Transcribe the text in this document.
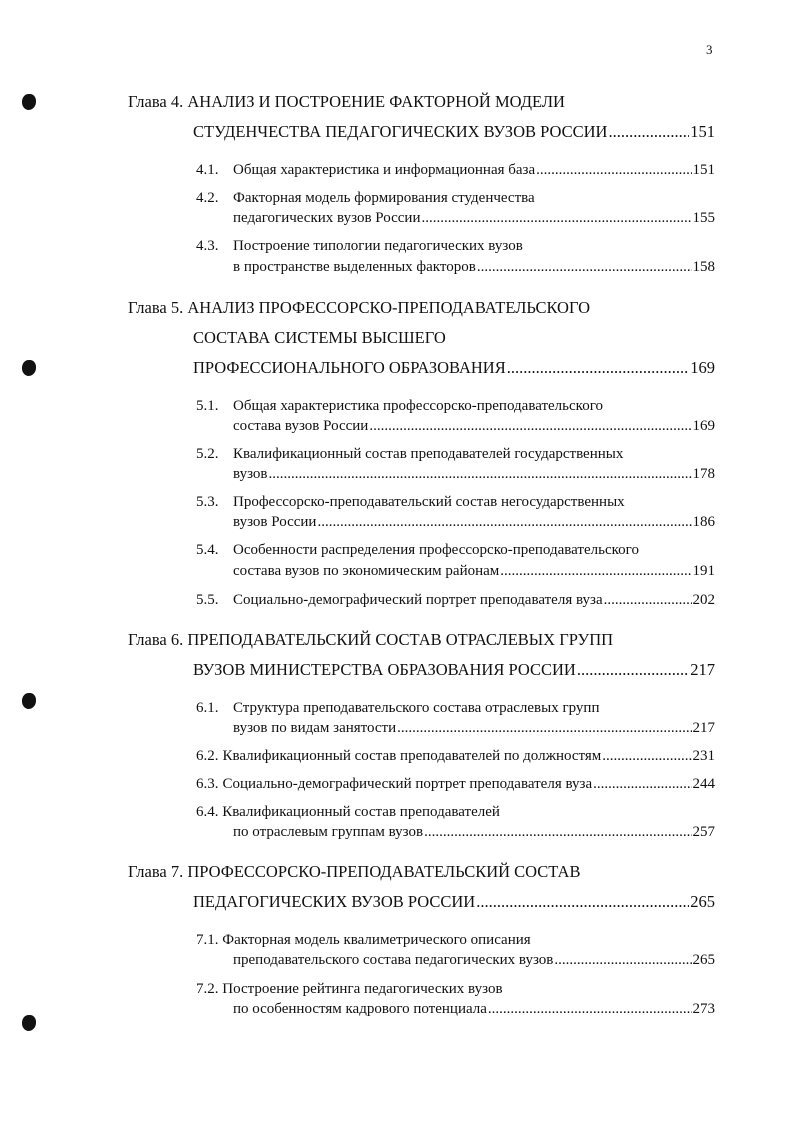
3
Глава 4. АНАЛИЗ И ПОСТРОЕНИЕ ФАКТОРНОЙ МОДЕЛИ
СТУДЕНЧЕСТВА ПЕДАГОГИЧЕСКИХ ВУЗОВ РОССИИ .....	151
4.1. Общая характеристика и информационная база .....	151
4.2. Факторная модель формирования студенчества
педагогических вузов России .....	155
4.3. Построение типологии педагогических вузов
в пространстве выделенных факторов .....	158
Глава 5. АНАЛИЗ ПРОФЕССОРСКО-ПРЕПОДАВАТЕЛЬСКОГО
СОСТАВА СИСТЕМЫ ВЫСШЕГО
ПРОФЕССИОНАЛЬНОГО ОБРАЗОВАНИЯ .....	169
5.1. Общая характеристика профессорско-преподавательского
состава вузов России .....	169
5.2. Квалификационный состав преподавателей государственных
вузов .....	178
5.3. Профессорско-преподавательский состав негосударственных
вузов России .....	186
5.4. Особенности распределения профессорско-преподавательского
состава вузов по экономическим районам .....	191
5.5. Социально-демографический портрет преподавателя вуза .....	202
Глава 6. ПРЕПОДАВАТЕЛЬСКИЙ СОСТАВ ОТРАСЛЕВЫХ ГРУПП
ВУЗОВ МИНИСТЕРСТВА ОБРАЗОВАНИЯ РОССИИ .....	217
6.1. Структура преподавательского состава отраслевых групп
вузов по видам занятости .....	217
6.2. Квалификационный состав преподавателей по должностям .....	231
6.3. Социально-демографический портрет преподавателя вуза .....	244
6.4. Квалификационный состав преподавателей
по отраслевым группам вузов .....	257
Глава 7. ПРОФЕССОРСКО-ПРЕПОДАВАТЕЛЬСКИЙ СОСТАВ
ПЕДАГОГИЧЕСКИХ ВУЗОВ РОССИИ .....	265
7.1. Факторная модель квалиметрического описания
преподавательского состава педагогических вузов .....	265
7.2. Построение рейтинга педагогических вузов
по особенностям кадрового потенциала .....	273
